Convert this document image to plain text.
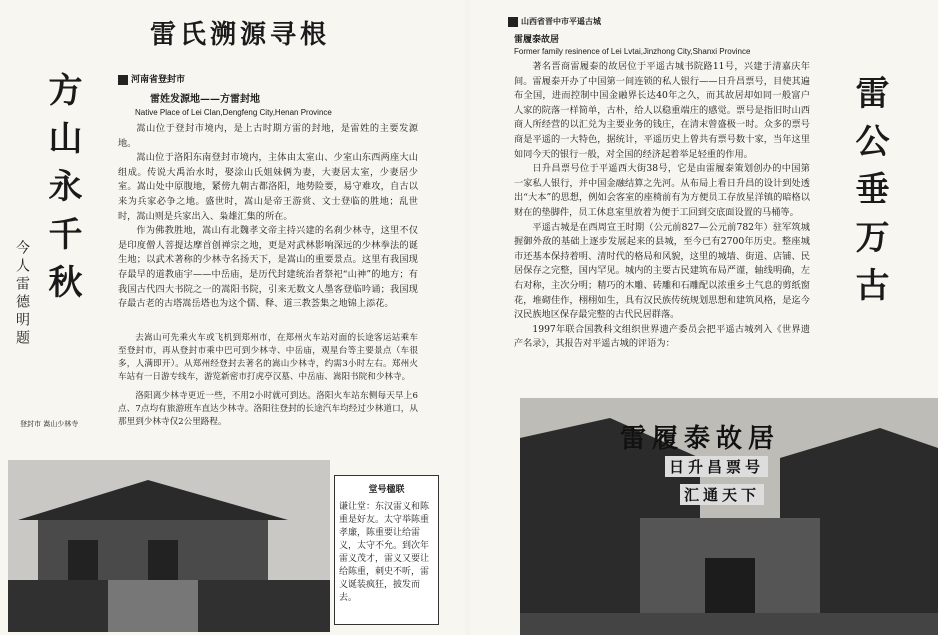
雷氏溯源寻根
方山永千秋
今人雷德明题
河南省登封市
雷姓发源地——方雷封地
Native Place of Lei Clan,Dengfeng City,Henan Province

嵩山位于登封市境内，是上古时期方雷的封地，是雷姓的主要发源地。

嵩山位于洛阳东南登封市境内，主体由太室山、少室山东西两座大山组成。传说大禹治水时，娶涂山氏姐妹俩为妻，大妻居太室，少妻居少室。嵩山处中原腹地，紧傍九朝古都洛阳，地势险要，易守难攻，自古以来为兵家必争之地。盛世时，嵩山是帝王游赏、文士登临的胜地；乱世时，嵩山则是兵家出入、枭雄汇集的所在。

作为佛教胜地，嵩山有北魏孝文帝主持兴建的名刹少林寺，这里不仅是印度僧人菩提达摩首创禅宗之地，更是对武林影响深远的少林拳法的诞生地；以武术著称的少林寺名扬天下，是嵩山的重要景点。这里有我国现存最早的道教庙宇——中岳庙，是历代封建统治者祭祀“山神”的地方；有我国古代四大书院之一的嵩阳书院，引来无数文人墨客登临吟诵；我国现存最古老的古塔嵩岳塔也为这个儒、释、道三教荟集之地锦上添花。

去嵩山可先乘火车或飞机到郑州市，在郑州火车站对面的长途客运站乘车至登封市，再从登封市乘中巴可到少林寺、中岳庙，观星台等主要景点（车很多，人满即开）。从郑州经登封去著名的嵩山少林寺，约需3小时左右。郑州火车站有一日游专线车，游览新密市打虎亭汉墓、中岳庙、嵩阳书院和少林寺。

洛阳离少林寺更近一些，不用2小时就可到达。洛阳火车站东侧每天早上6点、7点均有旅游班车直达少林寺。洛阳往登封的长途汽车均经过少林道口，从那里到少林寺仅2公里路程。

登封市 嵩山少林寺
堂号楹联
谦让堂：东汉雷义和陈重是好友。太守举陈重孝廉，陈重要让给雷义，太守不允。到次年雷义茂才，雷义又要让给陈重，刺史不听，雷义诞装疯狂，披发而去。
山西省晋中市平遥古城
雷履泰故居
Former family resinence of Lei Lvtai,Jinzhong City,Shanxi Province

著名晋商雷履泰的故居位于平遥古城书院路11号，兴建于清嘉庆年间。雷履泰开办了中国第一间连锁的私人银行——日升昌票号，目使其遍布全国，进而控制中国金融界长达40年之久，而其故居却如同一般富户人家的院落一样简单，古朴，给人以稳重端庄的感觉。票号是指旧时山西商人所经营的以汇兑为主要业务的钱庄，在清末曾盛极一时。众多的票号商是平遥的一大特色，据统计，平遥历史上曾共有票号数十家，当年这里如同今天的银行一般，对全国的经济起着举足轻重的作用。

日升昌票号位于平遥西大街38号，它是由雷履泰策划创办的中国第一家私人银行，并中国金融结算之先河。从布局上看日升昌的设计到处透出“大本”的思想，例如会客室的座椅前有为方便员工存放星洋镇的暗格以财在的垫脚件，员工休息室里放着为便于工回到交底面设置的马桶等。

平遥古城是在西周宣王时期（公元前827—公元前782年）驻军筑城握御外敌的基础上逐步发展起来的县城，至今已有2700年历史。整座城市还基本保持着明、清时代的格局和风貌，这里的城墙、街道、店铺、民居保存之完整，国内罕见。城内的主要古民建筑布局严谨，轴线明确，左右对称，主次分明；精巧的木雕、砖雕和石雕配以浓重乡土气息的剪纸窗花，堆砌佳作，栩栩如生，具有汉民族传统规划思想和建筑风格，是迄今汉民族地区保存最完整的古代民居群落。

1997年联合国教科文组织世界遗产委员会把平遥古城列入《世界遗产名录》，其报告对平遥古城的评语为：

雷公垂万古
雷履泰故居
日升昌票号
汇通天下
